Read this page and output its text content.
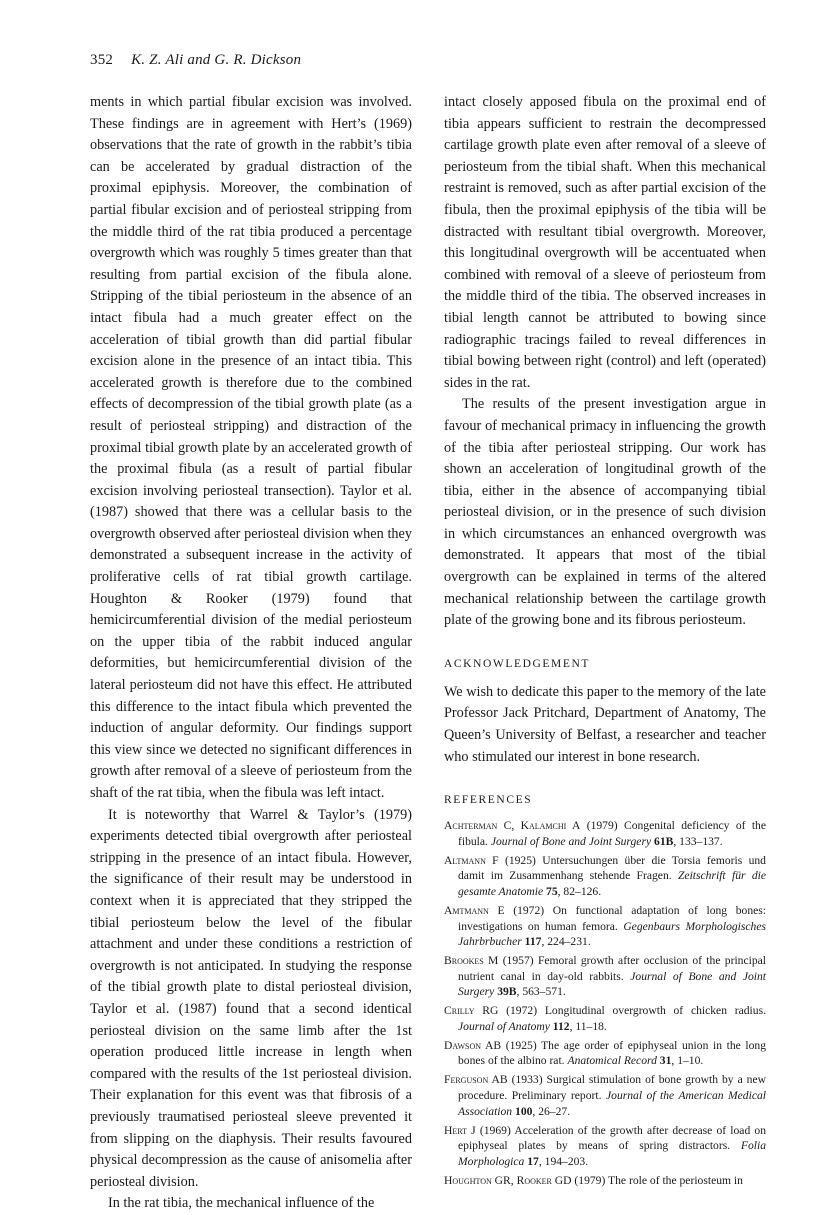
352 K. Z. Ali and G. R. Dickson

ments in which partial fibular excision was involved. These findings are in agreement with Hert’s (1969) observations that the rate of growth in the rabbit’s tibia can be accelerated by gradual distraction of the proximal epiphysis. Moreover, the combination of partial fibular excision and of periosteal stripping from the middle third of the rat tibia produced a percentage overgrowth which was roughly 5 times greater than that resulting from partial excision of the fibula alone. Stripping of the tibial periosteum in the absence of an intact fibula had a much greater effect on the acceleration of tibial growth than did partial fibular excision alone in the presence of an intact tibia. This accelerated growth is therefore due to the combined effects of decompression of the tibial growth plate (as a result of periosteal stripping) and distraction of the proximal tibial growth plate by an accelerated growth of the proximal fibula (as a result of partial fibular excision involving periosteal transection). Taylor et al. (1987) showed that there was a cellular basis to the overgrowth observed after periosteal division when they demonstrated a subsequent increase in the activity of proliferative cells of rat tibial growth cartilage. Houghton & Rooker (1979) found that hemicircumferential division of the medial periosteum on the upper tibia of the rabbit induced angular deformities, but hemicircumferential division of the lateral periosteum did not have this effect. He attributed this difference to the intact fibula which prevented the induction of angular deformity. Our findings support this view since we detected no significant differences in growth after removal of a sleeve of periosteum from the shaft of the rat tibia, when the fibula was left intact.

It is noteworthy that Warrel & Taylor’s (1979) experiments detected tibial overgrowth after periosteal stripping in the presence of an intact fibula. However, the significance of their result may be understood in context when it is appreciated that they stripped the tibial periosteum below the level of the fibular attachment and under these conditions a restriction of overgrowth is not anticipated. In studying the response of the tibial growth plate to distal periosteal division, Taylor et al. (1987) found that a second identical periosteal division on the same limb after the 1st operation produced little increase in length when compared with the results of the 1st periosteal division. Their explanation for this event was that fibrosis of a previously traumatised periosteal sleeve prevented it from slipping on the diaphysis. Their results favoured physical decompression as the cause of anisomelia after periosteal division.

In the rat tibia, the mechanical influence of the

intact closely apposed fibula on the proximal end of tibia appears sufficient to restrain the decompressed cartilage growth plate even after removal of a sleeve of periosteum from the tibial shaft. When this mechanical restraint is removed, such as after partial excision of the fibula, then the proximal epiphysis of the tibia will be distracted with resultant tibial overgrowth. Moreover, this longitudinal overgrowth will be accentuated when combined with removal of a sleeve of periosteum from the middle third of the tibia. The observed increases in tibial length cannot be attributed to bowing since radiographic tracings failed to reveal differences in tibial bowing between right (control) and left (operated) sides in the rat.

The results of the present investigation argue in favour of mechanical primacy in influencing the growth of the tibia after periosteal stripping. Our work has shown an acceleration of longitudinal growth of the tibia, either in the absence of accompanying tibial periosteal division, or in the presence of such division in which circumstances an enhanced overgrowth was demonstrated. It appears that most of the tibial overgrowth can be explained in terms of the altered mechanical relationship between the cartilage growth plate of the growing bone and its fibrous periosteum.

ACKNOWLEDGEMENT

We wish to dedicate this paper to the memory of the late Professor Jack Pritchard, Department of Anatomy, The Queen’s University of Belfast, a researcher and teacher who stimulated our interest in bone research.

REFERENCES
Achterman C, Kalamchi A (1979) Congenital deficiency of the fibula. Journal of Bone and Joint Surgery 61B, 133–137.
Altmann F (1925) Untersuchungen über die Torsia femoris und damit im Zusammenhang stehende Fragen. Zeitschrift für die gesamte Anatomie 75, 82–126.
Amtmann E (1972) On functional adaptation of long bones: investigations on human femora. Gegenbaurs Morphologisches Jahrbrbucher 117, 224–231.
Brookes M (1957) Femoral growth after occlusion of the principal nutrient canal in day-old rabbits. Journal of Bone and Joint Surgery 39B, 563–571.
Crilly RG (1972) Longitudinal overgrowth of chicken radius. Journal of Anatomy 112, 11–18.
Dawson AB (1925) The age order of epiphyseal union in the long bones of the albino rat. Anatomical Record 31, 1–10.
Ferguson AB (1933) Surgical stimulation of bone growth by a new procedure. Preliminary report. Journal of the American Medical Association 100, 26–27.
Hert J (1969) Acceleration of the growth after decrease of load on epiphyseal plates by means of spring distractors. Folia Morphologica 17, 194–203.
Houghton GR, Rooker GD (1979) The role of the periosteum in
